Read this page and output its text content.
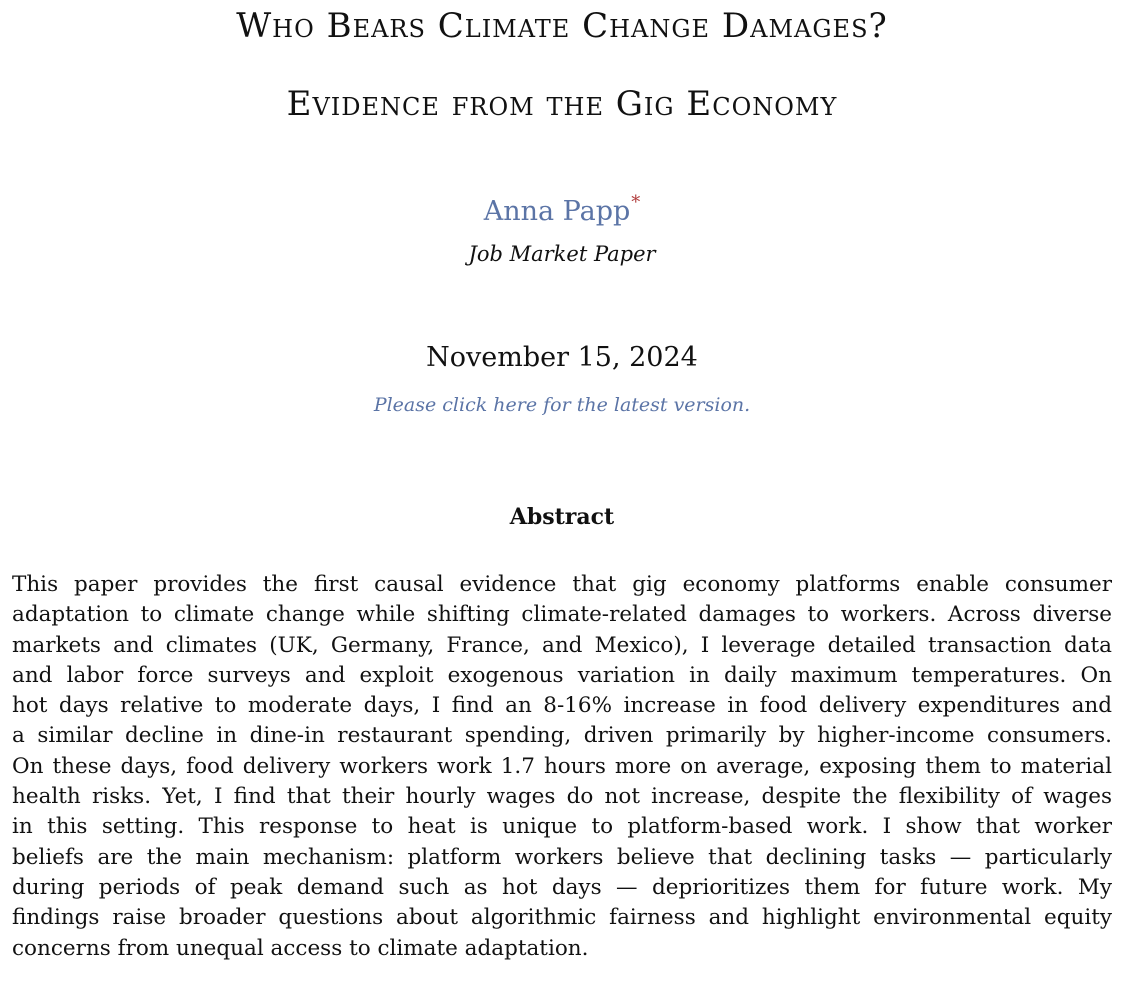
Who Bears Climate Change Damages?
Evidence from the Gig Economy
Anna Papp*
Job Market Paper
November 15, 2024
Please click here for the latest version.
Abstract
This paper provides the first causal evidence that gig economy platforms enable consumer
adaptation to climate change while shifting climate-related damages to workers. Across diverse
markets and climates (UK, Germany, France, and Mexico), I leverage detailed transaction data
and labor force surveys and exploit exogenous variation in daily maximum temperatures. On
hot days relative to moderate days, I find an 8-16% increase in food delivery expenditures and
a similar decline in dine-in restaurant spending, driven primarily by higher-income consumers.
On these days, food delivery workers work 1.7 hours more on average, exposing them to material
health risks. Yet, I find that their hourly wages do not increase, despite the flexibility of wages
in this setting. This response to heat is unique to platform-based work. I show that worker
beliefs are the main mechanism: platform workers believe that declining tasks — particularly
during periods of peak demand such as hot days — deprioritizes them for future work. My
findings raise broader questions about algorithmic fairness and highlight environmental equity
concerns from unequal access to climate adaptation.
